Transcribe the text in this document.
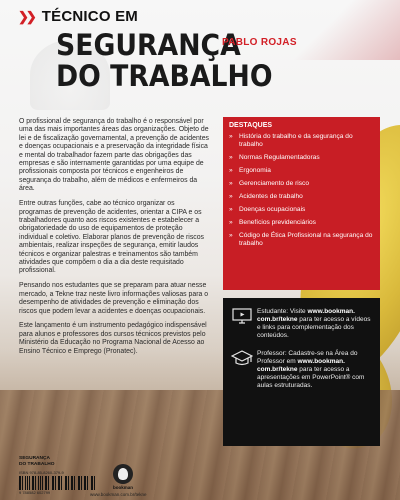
❯❯ TÉCNICO EM
SEGURANÇA
DO TRABALHO
PABLO ROJAS

O profissional de segurança do trabalho é o responsável por uma das mais importantes áreas das organizações. Objeto de lei e de fiscalização governamental, a prevenção de acidentes e doenças ocupacionais e a preservação da integridade física e mental do trabalhador fazem parte das obrigações das empresas e são internamente garantidas por uma equipe de profissionais composta por técnicos e engenheiros de segurança do trabalho, além de médicos e enfermeiros da área.

Entre outras funções, cabe ao técnico organizar os programas de prevenção de acidentes, orientar a CIPA e os trabalhadores quanto aos riscos existentes e estabelecer a obrigatoriedade do uso de equipamentos de proteção individual e coletivo. Elaborar planos de prevenção de riscos ambientais, realizar inspeções de segurança, emitir laudos técnicos e organizar palestras e treinamentos são também atividades que compõem o dia a dia deste requisitado profissional.

Pensando nos estudantes que se preparam para atuar nesse mercado, a Tekne traz neste livro informações valiosas para o desempenho de atividades de prevenção e eliminação dos riscos que podem levar a acidentes e doenças ocupacionais.

Este lançamento é um instrumento pedagógico indispensável para alunos e professores dos cursos técnicos previstos pelo Ministério da Educação no Programa Nacional de Acesso ao Ensino Técnico e Emprego (Pronatec).

DESTAQUES
» História do trabalho e da segurança do trabalho
» Normas Regulamentadoras
» Ergonomia
» Gerenciamento de risco
» Acidentes de trabalho
» Doenças ocupacionais
» Benefícios previdenciários
» Código de Ética Profissional na segurança do trabalho
Estudante: Visite www.bookman.
com.br/tekne para ter acesso a vídeos e links para complementação dos conteúdos.
Professor: Cadastre-se na Área do Professor em www.bookman.
com.br/tekne para ter acesso a apresentações em PowerPoint® com aulas estruturadas.
SEGURANÇA
DO TRABALHO
ISBN 978-85-8260-379-9
9 788582 602799
bookman
www.bookman.com.br/tekne
